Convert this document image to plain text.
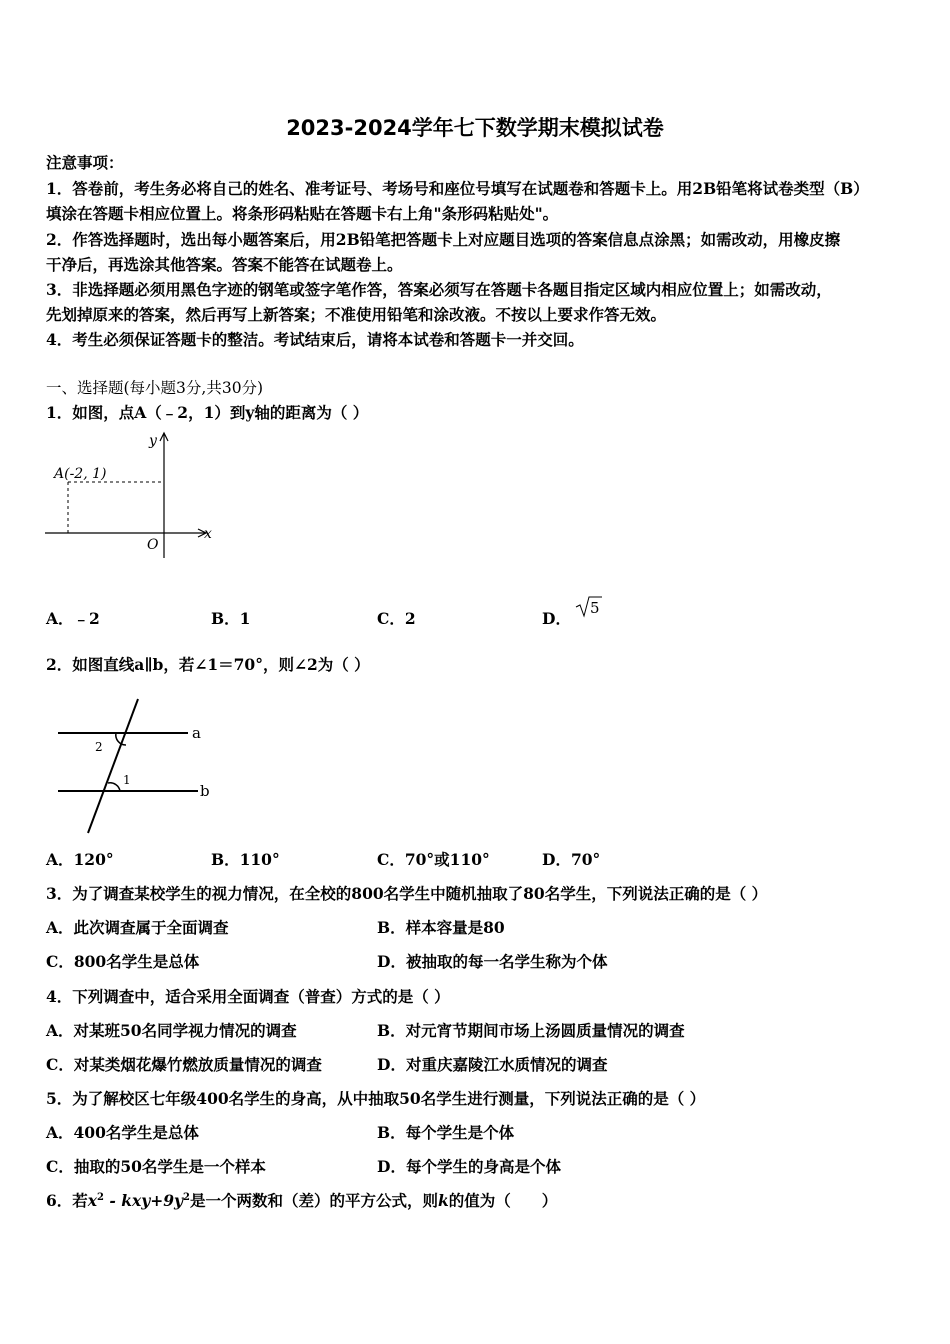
2023-2024学年七下数学期末模拟试卷
注意事项：
1．答卷前，考生务必将自己的姓名、准考证号、考场号和座位号填写在试题卷和答题卡上。用2B铅笔将试卷类型（B）
填涂在答题卡相应位置上。将条形码粘贴在答题卡右上角"条形码粘贴处"。
2．作答选择题时，选出每小题答案后，用2B铅笔把答题卡上对应题目选项的答案信息点涂黑；如需改动，用橡皮擦
干净后，再选涂其他答案。答案不能答在试题卷上。
3．非选择题必须用黑色字迹的钢笔或签字笔作答，答案必须写在答题卡各题目指定区域内相应位置上；如需改动，
先划掉原来的答案，然后再写上新答案；不准使用铅笔和涂改液。不按以上要求作答无效。
4．考生必须保证答题卡的整洁。考试结束后，请将本试卷和答题卡一并交回。
一、选择题(每小题3分,共30分)
1．如图，点A（﹣2，1）到y轴的距离为（ ）
A(-2, 1)
x
y
O
A．﹣2	B．1	C．2	D．
5
2．如图直线a∥b，若∠1＝70°，则∠2为（ ）
a
b
2
1
A．120°	B．110°	C．70°或110°	D．70°
3．为了调查某校学生的视力情况，在全校的800名学生中随机抽取了80名学生，下列说法正确的是（ ）
A．此次调查属于全面调查	B．样本容量是80
C．800名学生是总体	D．被抽取的每一名学生称为个体
4．下列调查中，适合采用全面调查（普查）方式的是（ ）
A．对某班50名同学视力情况的调查	B．对元宵节期间市场上汤圆质量情况的调查
C．对某类烟花爆竹燃放质量情况的调查	D．对重庆嘉陵江水质情况的调查
5．为了解校区七年级400名学生的身高，从中抽取50名学生进行测量，下列说法正确的是（ ）
A．400名学生是总体	B．每个学生是个体
C．抽取的50名学生是一个样本	D．每个学生的身高是个体
6．若$x^2 - kxy+9y^2$是一个两数和（差）的平方公式，则k的值为（　　）
